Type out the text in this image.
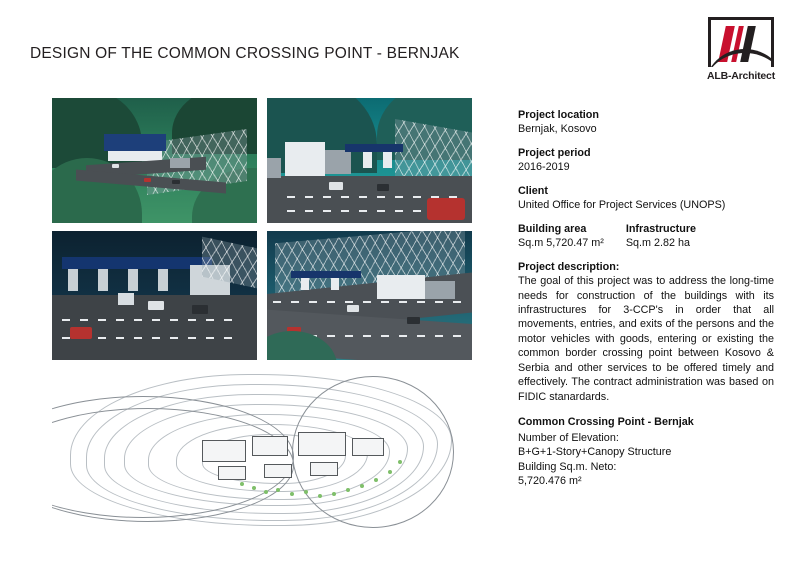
DESIGN OF THE COMMON CROSSING POINT - BERNJAK
ALB-Architect
Project location

Bernjak, Kosovo

Project period

2016-2019

Client

United Office for Project Services (UNOPS)

Building area

Sq.m 5,720.47 m²

Infrastructure

Sq.m 2.82 ha

Project description:

The goal of this project was to address the long-time needs for construction of the buildings with its infrastructures for 3-CCP's in order that all movements, entries, and exits of the persons and the motor vehicles with goods, entering or existing the common border crossing point between Kosovo & Serbia and other services to be offered timely and effectively. The contract administration was based on FIDIC stanardards.

Common Crossing Point - Bernjak

Number of Elevation:

B+G+1-Story+Canopy Structure

Building Sq.m. Neto:

5,720.476 m²
